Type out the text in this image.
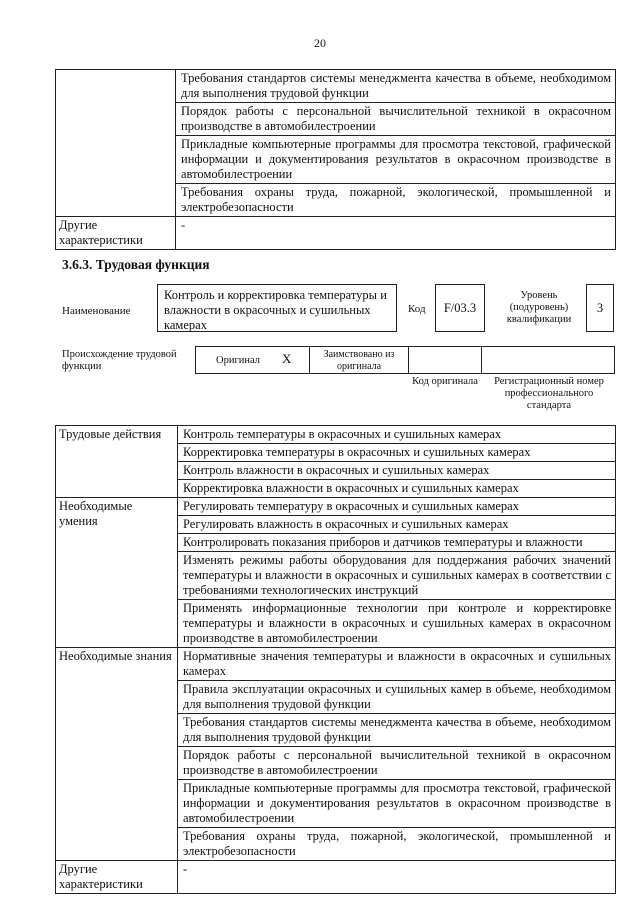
20
	Требования стандартов системы менеджмента качества в объеме, необходимом для выполнения трудовой функции
	Порядок работы с персональной вычислительной техникой в окрасочном производстве в автомобилестроении
	Прикладные компьютерные программы для просмотра текстовой, графической информации и документирования результатов в окрасочном производстве в автомобилестроении
	Требования охраны труда, пожарной, экологической, промышленной и электробезопасности
Другие характеристики	-
3.6.3. Трудовая функция
Наименование
Контроль и корректировка температуры и влажности в окрасочных и сушильных камерах
Код	F/03.3
Уровень (подуровень) квалификации
3
Происхождение трудовой функции
Оригинал X	Заимствовано из оригинала
Код оригинала	Регистрационный номер профессионального стандарта
Трудовые действия	Контроль температуры в окрасочных и сушильных камерах
	Корректировка температуры в окрасочных и сушильных камерах
	Контроль влажности в окрасочных и сушильных камерах
	Корректировка влажности в окрасочных и сушильных камерах
Необходимые умения	Регулировать температуру в окрасочных и сушильных камерах
	Регулировать влажность в окрасочных и сушильных камерах
	Контролировать показания приборов и датчиков температуры и влажности
	Изменять режимы работы оборудования для поддержания рабочих значений температуры и влажности в окрасочных и сушильных камерах в соответствии с требованиями технологических инструкций
	Применять информационные технологии при контроле и корректировке температуры и влажности в окрасочных и сушильных камерах в окрасочном производстве в автомобилестроении
Необходимые знания	Нормативные значения температуры и влажности в окрасочных и сушильных камерах
	Правила эксплуатации окрасочных и сушильных камер в объеме, необходимом для выполнения трудовой функции
	Требования стандартов системы менеджмента качества в объеме, необходимом для выполнения трудовой функции
	Порядок работы с персональной вычислительной техникой в окрасочном производстве в автомобилестроении
	Прикладные компьютерные программы для просмотра текстовой, графической информации и документирования результатов в окрасочном производстве в автомобилестроении
	Требования охраны труда, пожарной, экологической, промышленной и электробезопасности
Другие характеристики	-
